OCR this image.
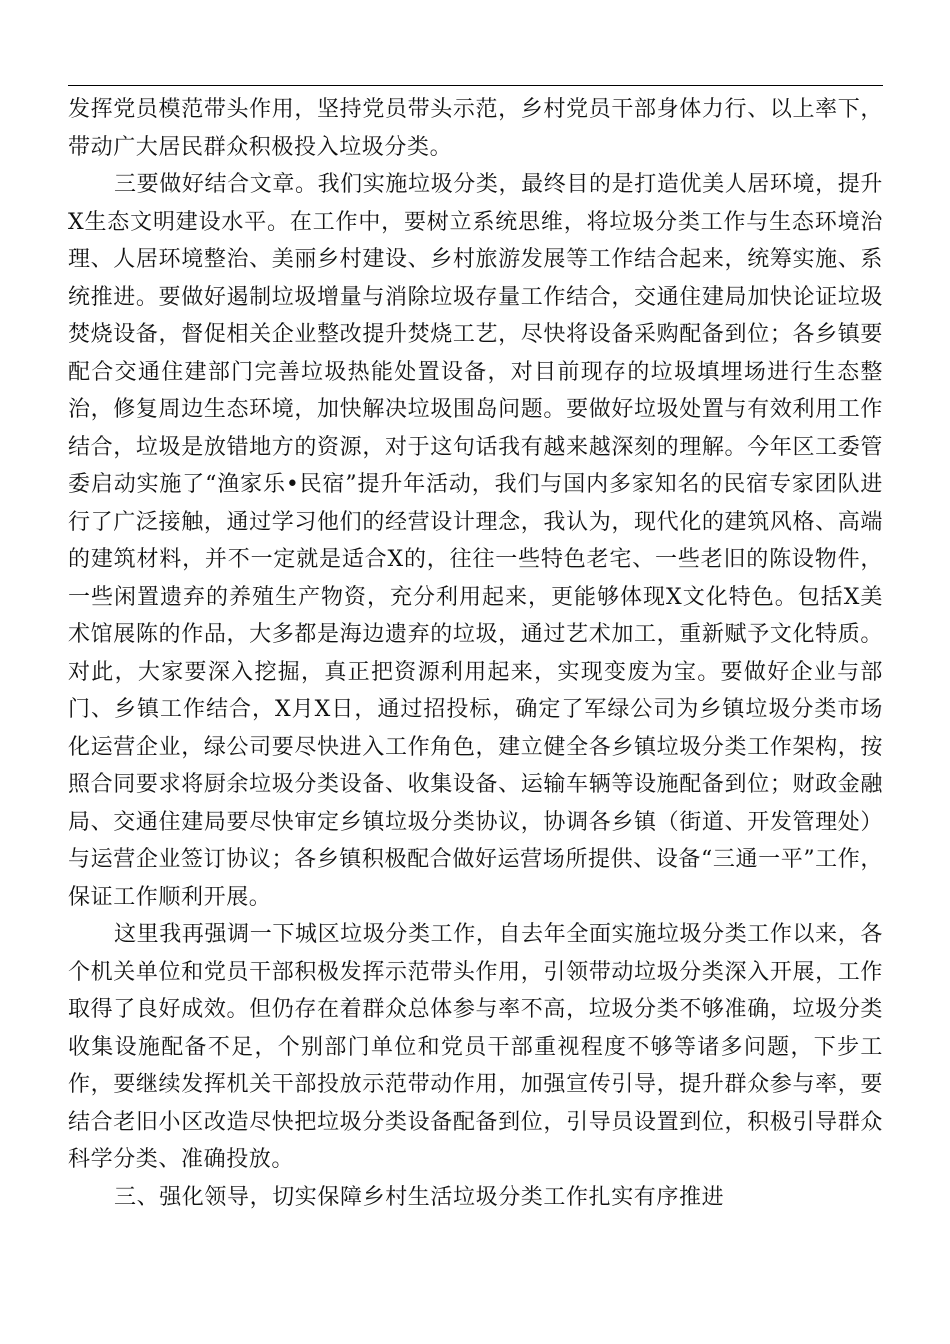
发挥党员模范带头作用，坚持党员带头示范，乡村党员干部身体力行、以上率下，带动广大居民群众积极投入垃圾分类。

三要做好结合文章。我们实施垃圾分类，最终目的是打造优美人居环境，提升X生态文明建设水平。在工作中，要树立系统思维，将垃圾分类工作与生态环境治理、人居环境整治、美丽乡村建设、乡村旅游发展等工作结合起来，统筹实施、系统推进。要做好遏制垃圾增量与消除垃圾存量工作结合，交通住建局加快论证垃圾焚烧设备，督促相关企业整改提升焚烧工艺，尽快将设备采购配备到位；各乡镇要配合交通住建部门完善垃圾热能处置设备，对目前现存的垃圾填埋场进行生态整治，修复周边生态环境，加快解决垃圾围岛问题。要做好垃圾处置与有效利用工作结合，垃圾是放错地方的资源，对于这句话我有越来越深刻的理解。今年区工委管委启动实施了“渔家乐•民宿”提升年活动，我们与国内多家知名的民宿专家团队进行了广泛接触，通过学习他们的经营设计理念，我认为，现代化的建筑风格、高端的建筑材料，并不一定就是适合X的，往往一些特色老宅、一些老旧的陈设物件，一些闲置遗弃的养殖生产物资，充分利用起来，更能够体现X文化特色。包括X美术馆展陈的作品，大多都是海边遗弃的垃圾，通过艺术加工，重新赋予文化特质。对此，大家要深入挖掘，真正把资源利用起来，实现变废为宝。要做好企业与部门、乡镇工作结合，X月X日，通过招投标，确定了军绿公司为乡镇垃圾分类市场化运营企业，绿公司要尽快进入工作角色，建立健全各乡镇垃圾分类工作架构，按照合同要求将厨余垃圾分类设备、收集设备、运输车辆等设施配备到位；财政金融局、交通住建局要尽快审定乡镇垃圾分类协议，协调各乡镇（街道、开发管理处）与运营企业签订协议；各乡镇积极配合做好运营场所提供、设备“三通一平”工作，保证工作顺利开展。

这里我再强调一下城区垃圾分类工作，自去年全面实施垃圾分类工作以来，各个机关单位和党员干部积极发挥示范带头作用，引领带动垃圾分类深入开展，工作取得了良好成效。但仍存在着群众总体参与率不高，垃圾分类不够准确，垃圾分类收集设施配备不足，个别部门单位和党员干部重视程度不够等诸多问题，下步工作，要继续发挥机关干部投放示范带动作用，加强宣传引导，提升群众参与率，要结合老旧小区改造尽快把垃圾分类设备配备到位，引导员设置到位，积极引导群众科学分类、准确投放。

三、强化领导，切实保障乡村生活垃圾分类工作扎实有序推进
